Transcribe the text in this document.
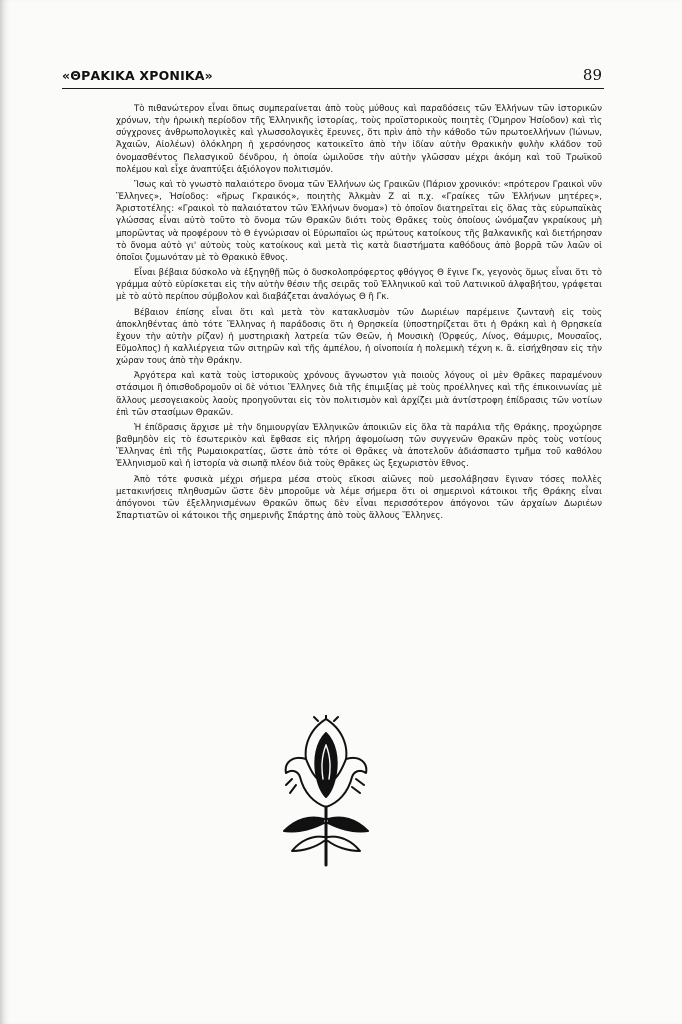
«ΘΡΑΚΙΚΑ ΧΡΟΝΙΚΑ»	89

Τὸ πιθανώτερον εἶναι ὅπως συμπεραίνεται ἀπὸ τοὺς μύθους καὶ παραδόσεις τῶν Ἑλλήνων τῶν ἱστορικῶν χρόνων, τὴν ἡρωικὴ περίοδον τῆς Ἑλληνικῆς ἱστορίας, τοὺς προϊστορικοὺς ποιητὲς (Ὅμηρον Ἡσίοδον) καὶ τὶς σύγχρονες ἀνθρωπολογικὲς καὶ γλωσσολογικὲς ἔρευνες, ὅτι πρὶν ἀπὸ τὴν κάθοδο τῶν πρωτοελλήνων (Ἰώνων, Ἀχαιῶν, Αἰολέων) ὁλόκληρη ἡ χερσόνησος κατοικεῖτο ἀπὸ τὴν ἰδίαν αὐτὴν Θρακικὴν φυλὴν κλάδον τοῦ ὀνομασθέντος Πελασγικοῦ δένδρου, ἡ ὁποία ὡμιλοῦσε τὴν αὐτὴν γλῶσσαν μέχρι ἀκόμη καὶ τοῦ Τρωϊκοῦ πολέμου καὶ εἶχε ἀναπτύξει ἀξιόλογον πολιτισμόν.

Ἴσως καὶ τὸ γνωστὸ παλαιότερο ὄνομα τῶν Ἑλλήνων ὡς Γραικῶν (Πάριον χρονικόν: «πρότερον Γραικοὶ νῦν Ἕλληνες», Ἡσίοδος: «ἥρως Γκραικός», ποιητὴς Ἀλκμὰν Ζ αἰ π.χ. «Γραίκες τῶν Ἑλλήνων μητέρες», Ἀριστοτέλης: «Γραικοὶ τὸ παλαιότατον τῶν Ἑλλήνων ὄνομα») τὸ ὁποῖον διατηρεῖται εἰς ὅλας τὰς εὐρωπαϊκὰς γλώσσας εἶναι αὐτὸ τοῦτο τὸ ὄνομα τῶν Θρακῶν διότι τοὺς Θρᾶκες τοὺς ὁποίους ὠνόμαζαν γκραίκους μὴ μπορῶντας νὰ προφέρουν τὸ Θ ἐγνώρισαν οἱ Εὐρωπαῖοι ὡς πρώτους κατοίκους τῆς βαλκανικῆς καὶ διετήρησαν τὸ ὄνομα αὐτὸ γι' αὐτοὺς τοὺς κατοίκους καὶ μετὰ τὶς κατὰ διαστήματα καθόδους ἀπὸ βορρᾶ τῶν λαῶν οἱ ὁποῖοι ζυμωνόταν μὲ τὸ Θρακικὸ ἔθνος.

Εἶναι βέβαια δύσκολο νὰ ἐξηγηθῇ πῶς ὁ δυσκολοπρόφερτος φθόγγος Θ ἔγινε Γκ, γεγονὸς ὅμως εἶναι ὅτι τὸ γράμμα αὐτὸ εὑρίσκεται εἰς τὴν αὐτὴν θέσιν τῆς σειρᾶς τοῦ Ἑλληνικοῦ καὶ τοῦ Λατινικοῦ ἀλφαβήτου, γράφεται μὲ τὸ αὐτὸ περίπου σύμβολον καὶ διαβάζεται ἀναλόγως Θ ἢ Γκ.

Βέβαιον ἐπίσης εἶναι ὅτι καὶ μετὰ τὸν κατακλυσμὸν τῶν Δωριέων παρέμεινε ζωντανὴ εἰς τοὺς ἀποκληθέντας ἀπὸ τότε Ἕλληνας ἡ παράδοσις ὅτι ἡ Θρησκεία (ὑποστηρίζεται ὅτι ἡ Θράκη καὶ ἡ Θρησκεία ἔχουν τὴν αὐτὴν ρίζαν) ἡ μυστηριακὴ λατρεία τῶν Θεῶν, ἡ Μουσικὴ (Ὀρφεύς, Λίνος, Θάμυρις, Μουσαῖος, Εὔμολπος) ἡ καλλιέργεια τῶν σιτηρῶν καὶ τῆς ἀμπέλου, ἡ οἰνοποιία ἡ πολεμικὴ τέχνη κ. ἄ. εἰσήχθησαν εἰς τὴν χώραν τους ἀπὸ τὴν Θράκην.

Ἀργότερα καὶ κατὰ τοὺς ἱστορικοὺς χρόνους ἄγνωστον γιὰ ποιοὺς λόγους οἱ μὲν Θρᾶκες παραμένουν στάσιμοι ἢ ὀπισθοδρομοῦν οἱ δὲ νότιοι Ἕλληνες διὰ τῆς ἐπιμιξίας μὲ τοὺς προέλληνες καὶ τῆς ἐπικοινωνίας μὲ ἄλλους μεσογειακοὺς λαοὺς προηγοῦνται εἰς τὸν πολιτισμὸν καὶ ἀρχίζει μιὰ ἀντίστροφη ἐπίδρασις τῶν νοτίων ἐπὶ τῶν στασίμων Θρακῶν.

Ἡ ἐπίδρασις ἄρχισε μὲ τὴν δημιουργίαν Ἑλληνικῶν ἀποικιῶν εἰς ὅλα τὰ παράλια τῆς Θράκης, προχώρησε βαθμηδὸν εἰς τὸ ἐσωτερικὸν καὶ ἔφθασε εἰς πλήρη ἀφομοίωση τῶν συγγενῶν Θρακῶν πρὸς τοὺς νοτίους Ἕλληνας ἐπὶ τῆς Ρωμαιοκρατίας, ὥστε ἀπὸ τότε οἱ Θρᾶκες νὰ ἀποτελοῦν ἀδιάσπαστο τμῆμα τοῦ καθόλου Ἑλληνισμοῦ καὶ ἡ ἱστορία νὰ σιωπᾷ πλέον διὰ τοὺς Θρᾶκες ὡς ξεχωριστὸν ἔθνος.

Ἀπὸ τότε φυσικὰ μέχρι σήμερα μέσα στοὺς εἴκοσι αἰῶνες ποὺ μεσολάβησαν ἔγιναν τόσες πολλὲς μετακινήσεις πληθυσμῶν ὥστε δὲν μποροῦμε νὰ λέμε σήμερα ὅτι οἱ σημερινοὶ κάτοικοι τῆς Θράκης εἶναι ἀπόγονοι τῶν ἐξελληνισμένων Θρακῶν ὅπως δὲν εἶναι περισσότερον ἀπόγονοι τῶν ἀρχαίων Δωριέων Σπαρτιατῶν οἱ κάτοικοι τῆς σημερινῆς Σπάρτης ἀπὸ τοὺς ἄλλους Ἕλληνες.
